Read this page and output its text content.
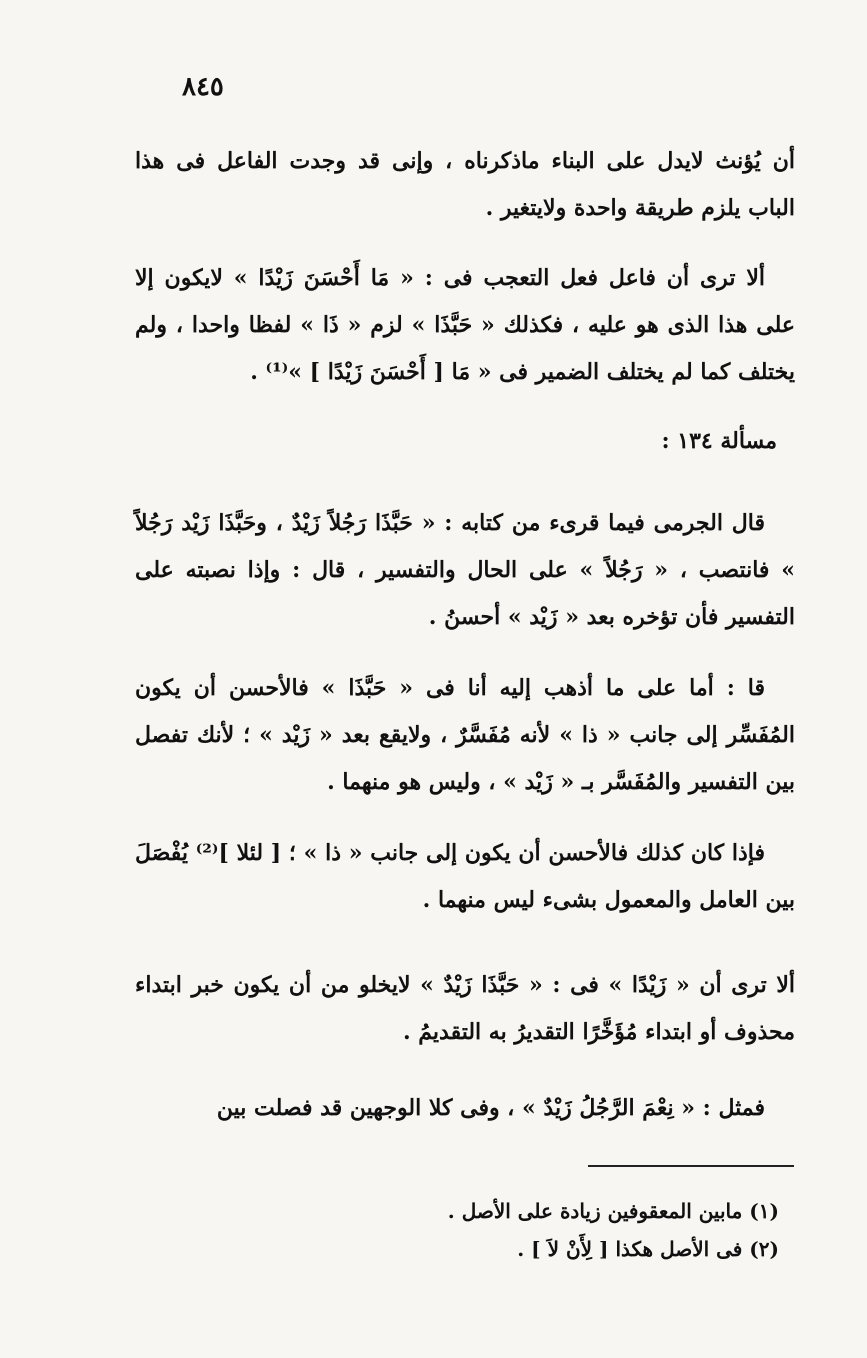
٨٤٥
أن يُؤنث لايدل على البناء ماذكرناه ، وإنى قد وجدت الفاعل فى هذا الباب يلزم طريقة واحدة ولايتغير .
ألا ترى أن فاعل فعل التعجب فى : « مَا أَحْسَنَ زَيْدًا » لايكون إلا على هذا الذى هو عليه ، فكذلك « حَبَّذَا » لزم « ذَا » لفظا واحدا ، ولم يختلف كما لم يختلف الضمير فى « مَا [ أَحْسَنَ زَيْدًا ] »⁽¹⁾ .
مسألة ١٣٤ :
قال الجرمى فيما قرىء من كتابه : « حَبَّذَا رَجُلاً زَيْدٌ ، وحَبَّذَا زَيْد رَجُلاً » فانتصب ، « رَجُلاً » على الحال والتفسير ، قال : وإذا نصبته على التفسير فأن تؤخره بعد « زَيْد » أحسنُ .
قا : أما على ما أذهب إليه أنا فى « حَبَّذَا » فالأحسن أن يكون المُفَسِّر إلى جانب « ذا » لأنه مُفَسَّرٌ ، ولايقع بعد « زَيْد » ؛ لأنك تفصل بين التفسير والمُفَسَّر بـ « زَيْد » ، وليس هو منهما .
فإذا كان كذلك فالأحسن أن يكون إلى جانب « ذا » ؛ [ لئلا ]⁽²⁾ يُفْصَلَ بين العامل والمعمول بشىء ليس منهما .
ألا ترى أن « زَيْدًا » فى : « حَبَّذَا زَيْدٌ » لايخلو من أن يكون خبر ابتداء محذوف أو ابتداء مُؤَخَّرًا التقديرُ به التقديمُ .
فمثل : « نِعْمَ الرَّجُلُ زَيْدٌ » ، وفى كلا الوجهين قد فصلت بين
(١) مابين المعقوفين زيادة على الأصل .
(٢) فى الأصل هكذا [ لِأَنْ لاَ ] .
